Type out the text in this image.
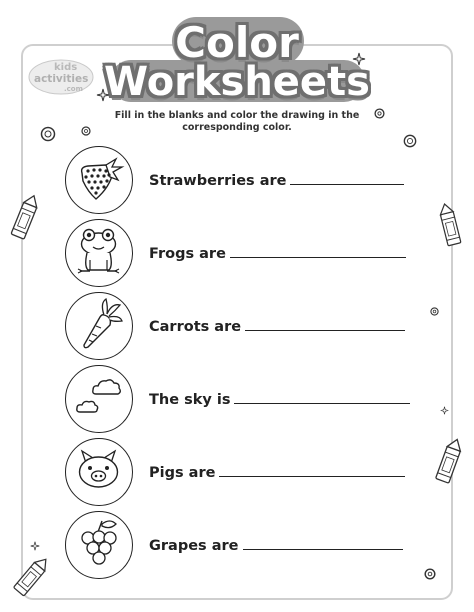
Color
Worksheets
kids
activities
.com
Fill in the blanks and color the drawing in the corresponding color.
Strawberries are
Frogs are
Carrots are
The sky is
Pigs are
Grapes are
